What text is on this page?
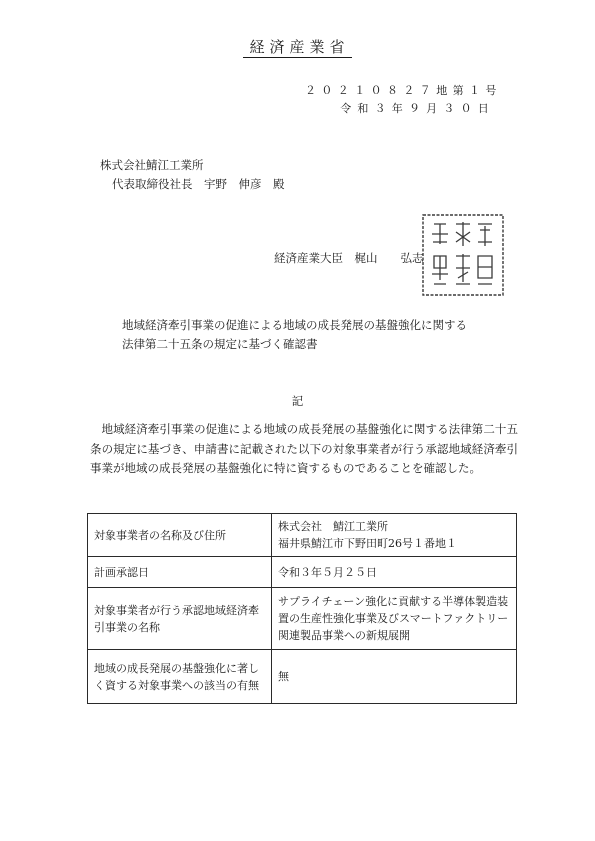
経済産業省
２０２１０８２７地第１号
令和３年９月３０日
株式会社鯖江工業所
代表取締役社長　宇野　伸彦　殿
経済産業大臣　梶山　　弘志
地域経済牽引事業の促進による地域の成長発展の基盤強化に関する
法律第二十五条の規定に基づく確認書
記
地域経済牽引事業の促進による地域の成長発展の基盤強化に関する法律第二十五条の規定に基づき、申請書に記載された以下の対象事業者が行う承認地域経済牽引事業が地域の成長発展の基盤強化に特に資するものであることを確認した。
対象事業者の名称及び住所	株式会社　鯖江工業所
福井県鯖江市下野田町26号１番地１

計画承認日	令和３年５月２５日
対象事業者が行う承認地域経済牽引事業の名称	サプライチェーン強化に貢献する半導体製造装置の生産性強化事業及びスマートファクトリー関連製品事業への新規展開
地域の成長発展の基盤強化に著しく資する対象事業への該当の有無	無
